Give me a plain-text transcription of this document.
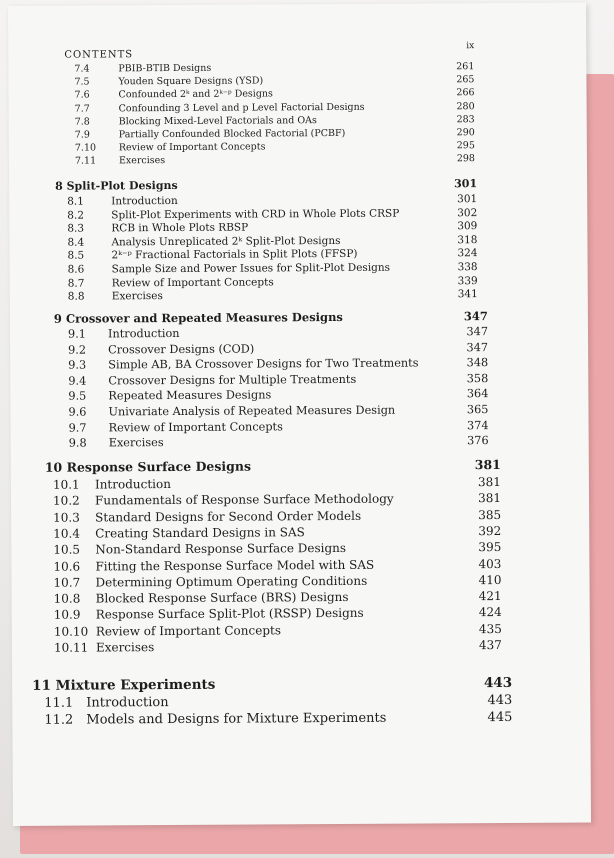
CONTENTS
ix
7.4	PBIB-BTIB Designs	261
7.5	Youden Square Designs (YSD)	265
7.6	Confounded 2ᵏ and 2ᵏ⁻ᵖ Designs	266
7.7	Confounding 3 Level and p Level Factorial Designs	280
7.8	Blocking Mixed-Level Factorials and OAs	283
7.9	Partially Confounded Blocked Factorial (PCBF)	290
7.10 Review of Important Concepts	295
7.11 Exercises	298
8 Split-Plot Designs	301
8.1	Introduction	301
8.2	Split-Plot Experiments with CRD in Whole Plots CRSP	302
8.3	RCB in Whole Plots RBSP	309
8.4	Analysis Unreplicated 2ᵏ Split-Plot Designs	318
8.5	2ᵏ⁻ᵖ Fractional Factorials in Split Plots (FFSP)	324
8.6	Sample Size and Power Issues for Split-Plot Designs	338
8.7	Review of Important Concepts	339
8.8	Exercises	341
9 Crossover and Repeated Measures Designs	347
9.1 Introduction	347
9.2 Crossover Designs (COD)	347
9.3 Simple AB, BA Crossover Designs for Two Treatments	348
9.4 Crossover Designs for Multiple Treatments	358
9.5 Repeated Measures Designs	364
9.6 Univariate Analysis of Repeated Measures Design	365
9.7 Review of Important Concepts	374
9.8 Exercises	376
10 Response Surface Designs	381
10.1 Introduction	381
10.2 Fundamentals of Response Surface Methodology	381
10.3 Standard Designs for Second Order Models	385
10.4 Creating Standard Designs in SAS	392
10.5 Non-Standard Response Surface Designs	395
10.6 Fitting the Response Surface Model with SAS	403
10.7 Determining Optimum Operating Conditions	410
10.8 Blocked Response Surface (BRS) Designs	421
10.9 Response Surface Split-Plot (RSSP) Designs	424
10.10 Review of Important Concepts	435
10.11 Exercises	437
11 Mixture Experiments	443
11.1 Introduction	443
11.2 Models and Designs for Mixture Experiments	445
